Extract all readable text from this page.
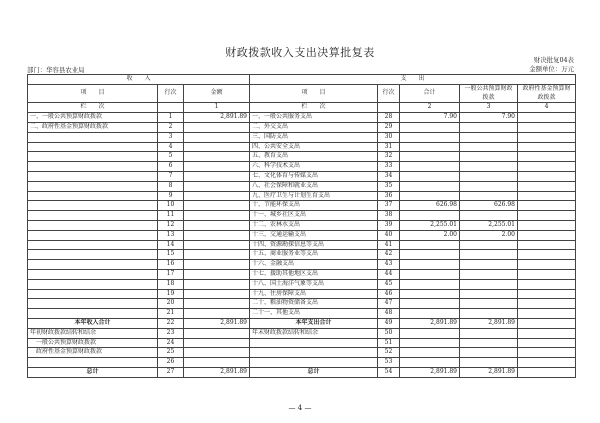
财政拨款收入支出决算批复表
财决批复04表
金额单位：万元
部门：华容县农业局
收　　入			支　　出				
项　　目	行次	金额	项　　目	行次	合计	一般公共预算财政拨款	政府性基金预算财政拨款
栏　　次		1	栏　　次		2	3	4
一、一般公共预算财政拨款	1	2,891.89	一、一般公共服务支出	28	7.90	7.90	
二、政府性基金预算财政拨款	2		二、外交支出	29			
	3		三、国防支出	30			
	4		四、公共安全支出	31			
	5		五、教育支出	32			
	6		六、科学技术支出	33			
	7		七、文化体育与传媒支出	34			
	8		八、社会保障和就业支出	35			
	9		九、医疗卫生与计划生育支出	36			
	10		十、节能环保支出	37	626.98	626.98	
	11		十一、城乡社区支出	38			
	12		十二、农林水支出	39	2,255.01	2,255.01	
	13		十三、交通运输支出	40	2.00	2.00	
	14		十四、资源勘探信息等支出	41			
	15		十五、商业服务业等支出	42			
	16		十六、金融支出	43			
	17		十七、援助其他地区支出	44			
	18		十八、国土海洋气象等支出	45			
	19		十九、住房保障支出	46			
	20		二十、粮油物资储备支出	47			
	21		二十一、其他支出	48			
本年收入合计	22	2,891.89	本年支出合计	49	2,891.89	2,891.89	
年初财政拨款结转和结余	23		年末财政拨款结转和结余	50			
一般公共预算财政拨款	24			51			
政府性基金预算财政拨款	25			52			
	26			53			
总计	27	2,891.89	总计	54	2,891.89	2,891.89	
— 4 —
